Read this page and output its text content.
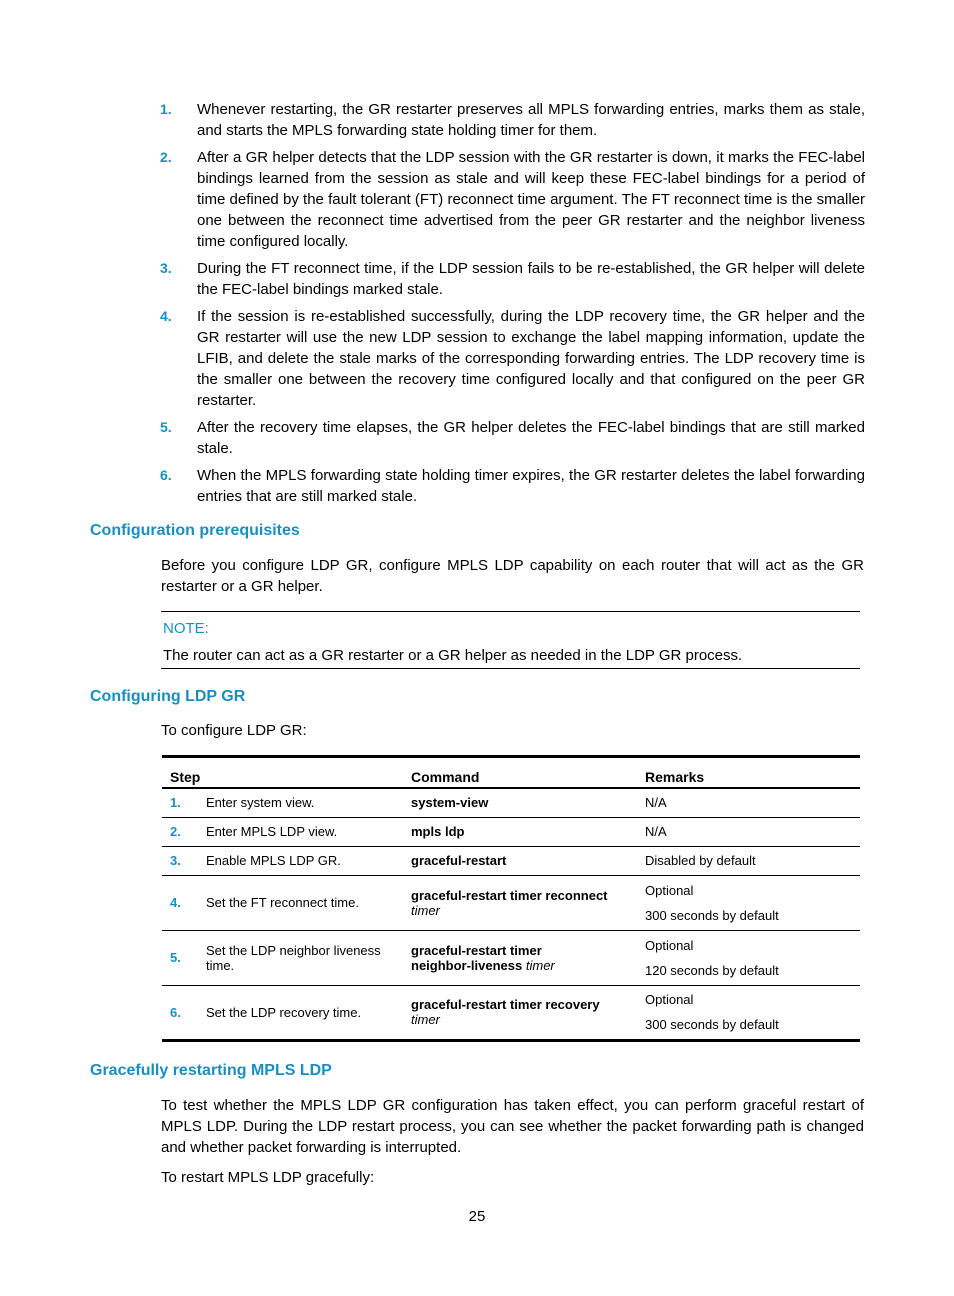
1. Whenever restarting, the GR restarter preserves all MPLS forwarding entries, marks them as stale, and starts the MPLS forwarding state holding timer for them.
2. After a GR helper detects that the LDP session with the GR restarter is down, it marks the FEC-label bindings learned from the session as stale and will keep these FEC-label bindings for a period of time defined by the fault tolerant (FT) reconnect time argument. The FT reconnect time is the smaller one between the reconnect time advertised from the peer GR restarter and the neighbor liveness time configured locally.
3. During the FT reconnect time, if the LDP session fails to be re-established, the GR helper will delete the FEC-label bindings marked stale.
4. If the session is re-established successfully, during the LDP recovery time, the GR helper and the GR restarter will use the new LDP session to exchange the label mapping information, update the LFIB, and delete the stale marks of the corresponding forwarding entries. The LDP recovery time is the smaller one between the recovery time configured locally and that configured on the peer GR restarter.
5. After the recovery time elapses, the GR helper deletes the FEC-label bindings that are still marked stale.
6. When the MPLS forwarding state holding timer expires, the GR restarter deletes the label forwarding entries that are still marked stale.
Configuration prerequisites

Before you configure LDP GR, configure MPLS LDP capability on each router that will act as the GR restarter or a GR helper.

NOTE:
The router can act as a GR restarter or a GR helper as needed in the LDP GR process.
Configuring LDP GR

To configure LDP GR:

Step		Command	Remarks
1.	Enter system view.	system-view	N/A

2.	Enter MPLS LDP view.	mpls ldp	N/A

3.	Enable MPLS LDP GR.	graceful-restart	Disabled by default

4.	Set the FT reconnect time.	graceful-restart timer reconnect
timer	Optional
300 seconds by default

5.	Set the LDP neighbor liveness time.	graceful-restart timer
neighbor-liveness timer	Optional
120 seconds by default

6.	Set the LDP recovery time.	graceful-restart timer recovery
timer	Optional
300 seconds by default
Gracefully restarting MPLS LDP

To test whether the MPLS LDP GR configuration has taken effect, you can perform graceful restart of MPLS LDP. During the LDP restart process, you can see whether the packet forwarding path is changed and whether packet forwarding is interrupted.

To restart MPLS LDP gracefully:

25
